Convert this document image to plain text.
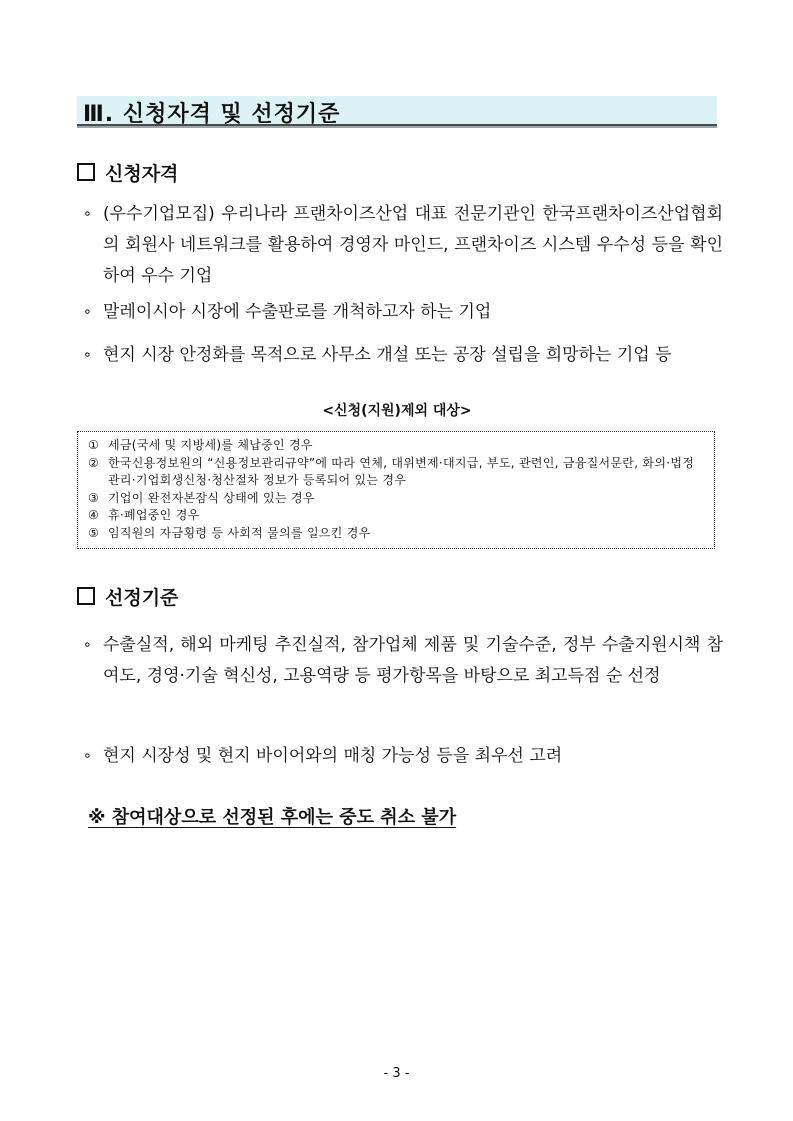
Ⅲ. 신청자격 및 선정기준
신청자격
∘ (우수기업모집) 우리나라 프랜차이즈산업 대표 전문기관인 한국프랜차이즈산업협회의 회원사 네트워크를 활용하여 경영자 마인드, 프랜차이즈 시스템 우수성 등을 확인하여 우수 기업
∘ 말레이시아 시장에 수출판로를 개척하고자 하는 기업
∘ 현지 시장 안정화를 목적으로 사무소 개설 또는 공장 설립을 희망하는 기업 등
<신청(지원)제외 대상>
① 세금(국세 및 지방세)를 체납중인 경우
② 한국신용정보원의 “신용정보관리규약”에 따라 연체, 대위변제·대지급, 부도, 관련인, 금융질서문란, 화의·법정관리·기업회생신청·청산절차 정보가 등록되어 있는 경우
③ 기업이 완전자본잠식 상태에 있는 경우
④ 휴·폐업중인 경우
⑤ 임직원의 자금횡령 등 사회적 물의를 일으킨 경우
선정기준
∘ 수출실적, 해외 마케팅 추진실적, 참가업체 제품 및 기술수준, 정부 수출지원시책 참여도, 경영·기술 혁신성, 고용역량 등 평가항목을 바탕으로 최고득점 순 선정
∘ 현지 시장성 및 현지 바이어와의 매칭 가능성 등을 최우선 고려
※ 참여대상으로 선정된 후에는 중도 취소 불가
- 3 -
